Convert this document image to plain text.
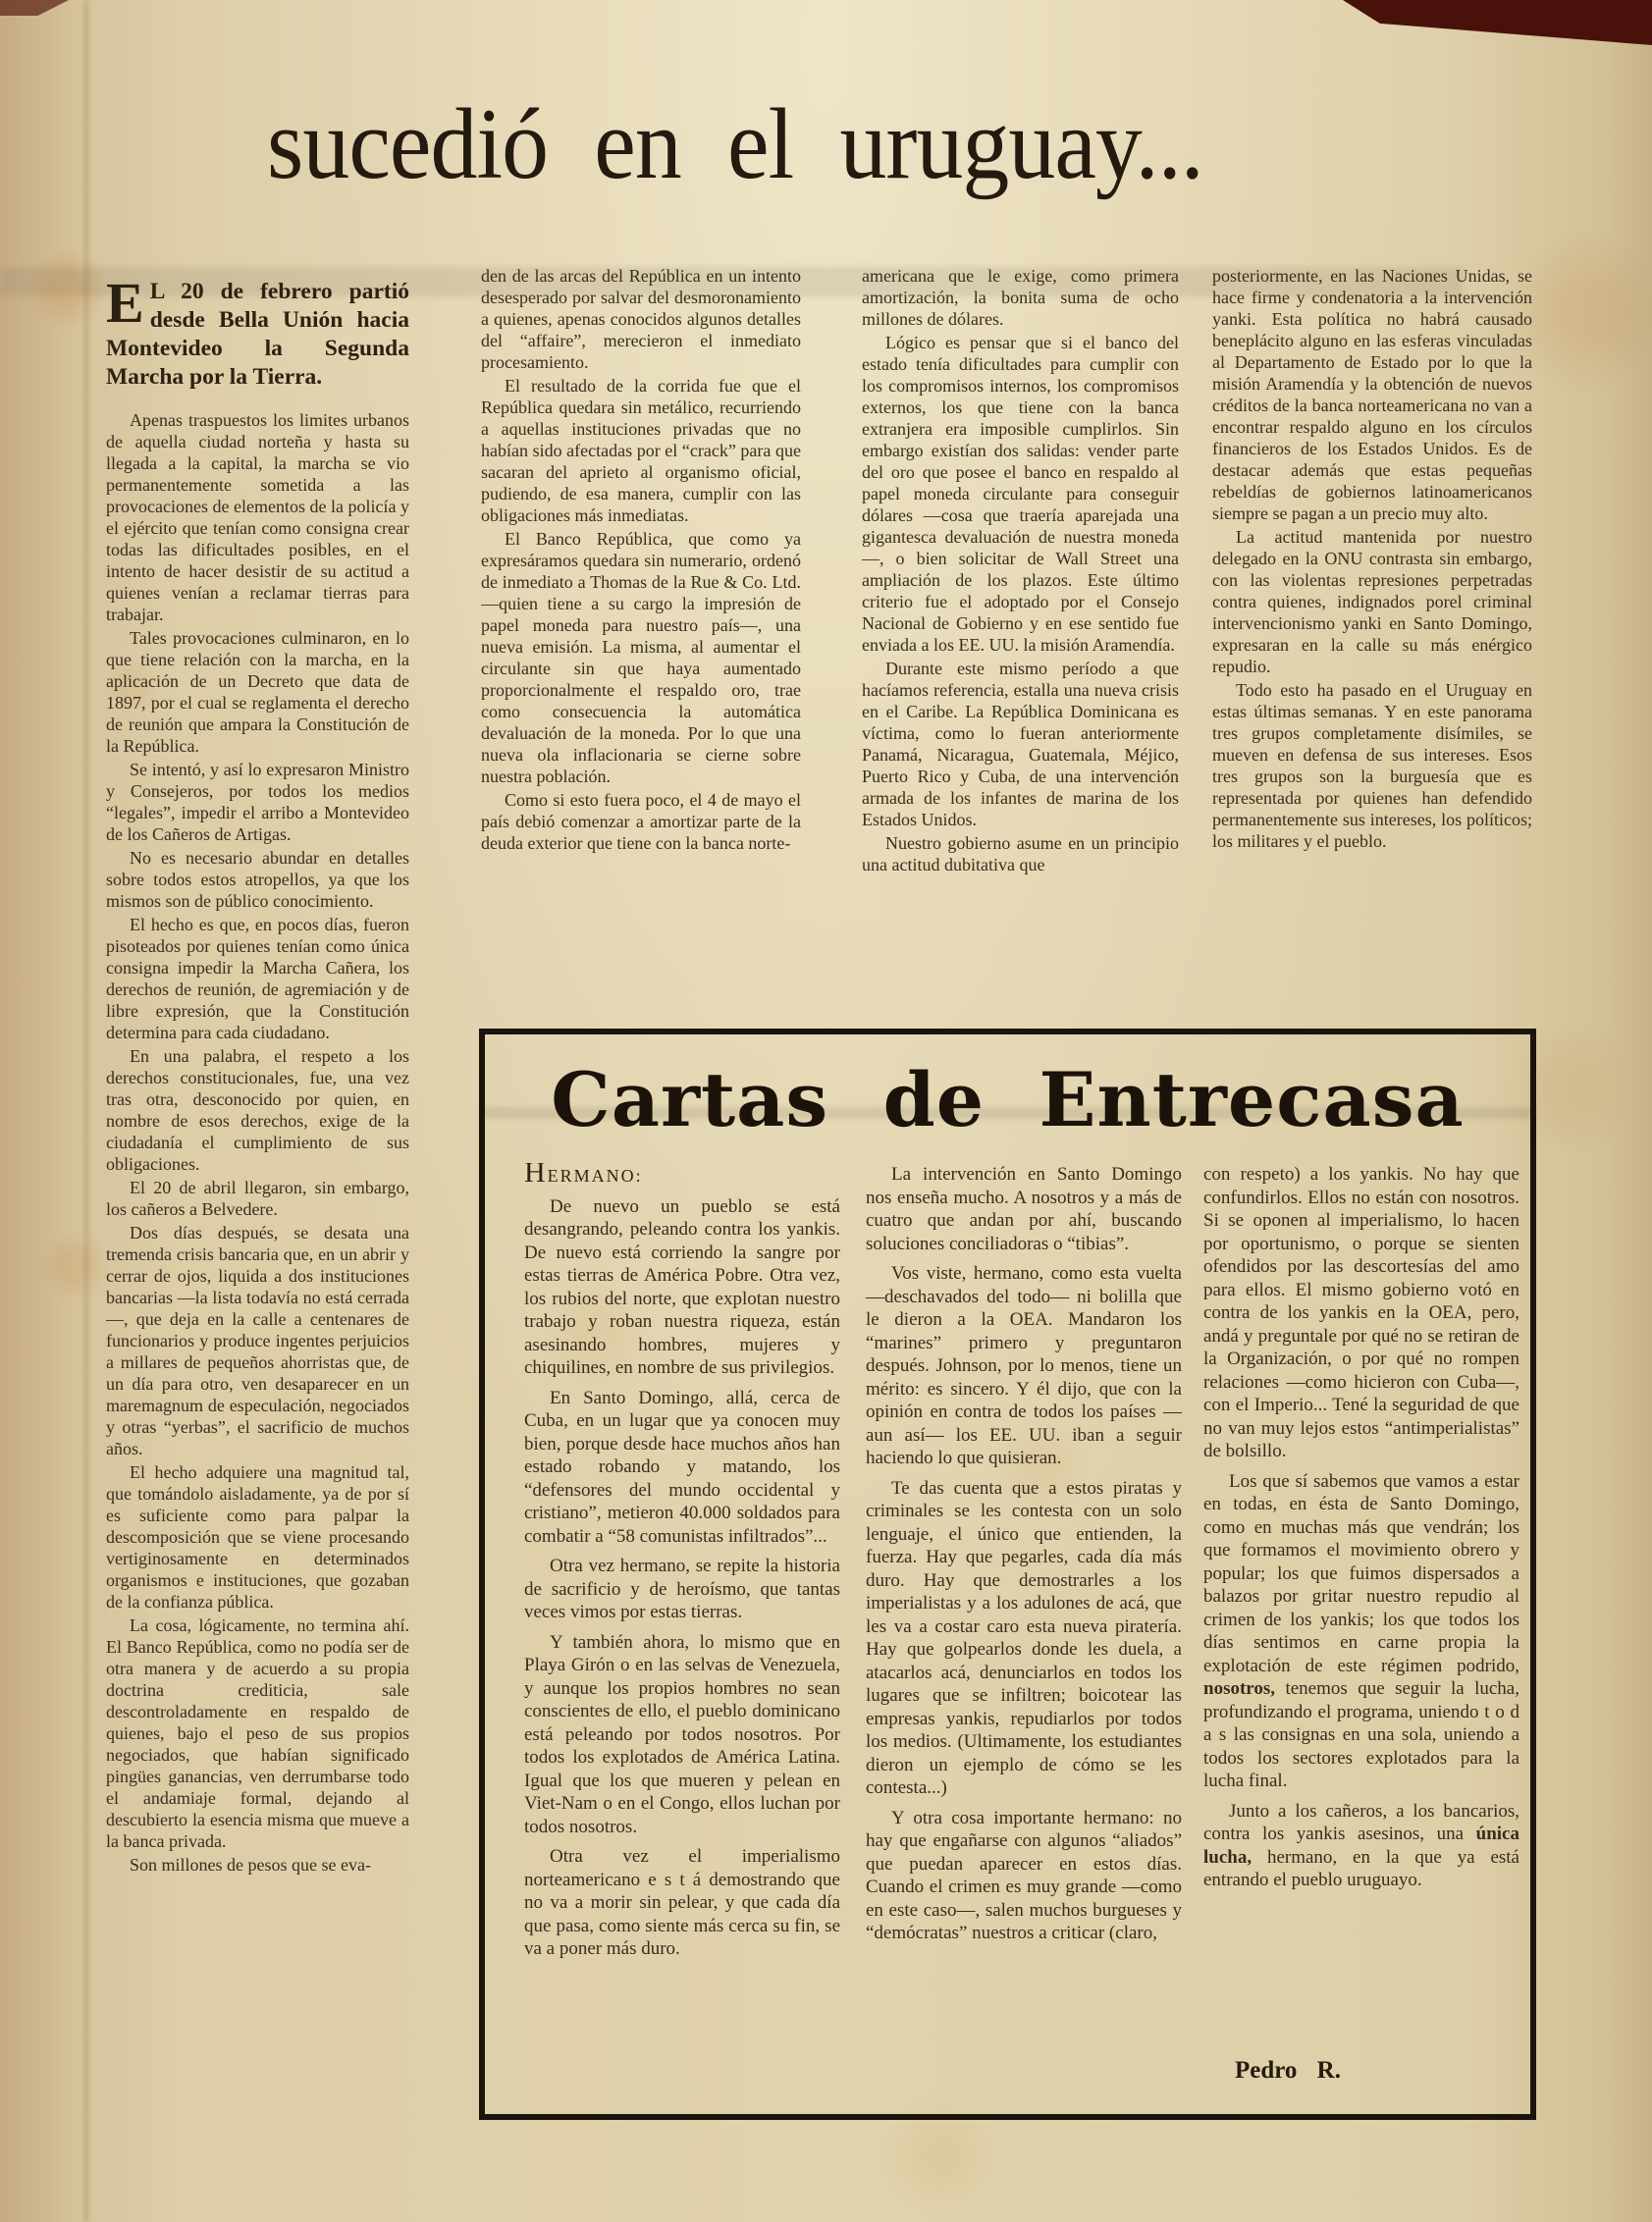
sucedió en el uruguay...

E L 20 de febrero partió desde Bella Unión hacia Montevideo la Segunda Marcha por la Tierra.

Apenas traspuestos los limites urbanos de aquella ciudad norteña y hasta su llegada a la capital, la marcha se vio permanentemente sometida a las provocaciones de elementos de la policía y el ejército que tenían como consigna crear todas las dificultades posibles, en el intento de hacer desistir de su actitud a quienes venían a reclamar tierras para trabajar.

Tales provocaciones culminaron, en lo que tiene relación con la marcha, en la aplicación de un Decreto que data de 1897, por el cual se reglamenta el derecho de reunión que ampara la Constitución de la República.

Se intentó, y así lo expresaron Ministro y Consejeros, por todos los medios “legales”, impedir el arribo a Montevideo de los Cañeros de Artigas.

No es necesario abundar en detalles sobre todos estos atropellos, ya que los mismos son de público conocimiento.

El hecho es que, en pocos días, fueron pisoteados por quienes tenían como única consigna impedir la Marcha Cañera, los derechos de reunión, de agremiación y de libre expresión, que la Constitución determina para cada ciudadano.

En una palabra, el respeto a los derechos constitucionales, fue, una vez tras otra, desconocido por quien, en nombre de esos derechos, exige de la ciudadanía el cumplimiento de sus obligaciones.

El 20 de abril llegaron, sin embargo, los cañeros a Belvedere.

Dos días después, se desata una tremenda crisis bancaria que, en un abrir y cerrar de ojos, liquida a dos instituciones bancarias —la lista todavía no está cerrada—, que deja en la calle a centenares de funcionarios y produce ingentes perjuicios a millares de pequeños ahorristas que, de un día para otro, ven desaparecer en un maremagnum de especulación, negociados y otras “yerbas”, el sacrificio de muchos años.

El hecho adquiere una magnitud tal, que tomándolo aisladamente, ya de por sí es suficiente como para palpar la descomposición que se viene procesando vertiginosamente en determinados organismos e instituciones, que gozaban de la confianza pública.

La cosa, lógicamente, no termina ahí. El Banco República, como no podía ser de otra manera y de acuerdo a su propia doctrina crediticia, sale descontroladamente en respaldo de quienes, bajo el peso de sus propios negociados, que habían significado pingües ganancias, ven derrumbarse todo el andamiaje formal, dejando al descubierto la esencia misma que mueve a la banca privada.

Son millones de pesos que se eva-

den de las arcas del República en un intento desesperado por salvar del desmoronamiento a quienes, apenas conocidos algunos detalles del “affaire”, merecieron el inmediato procesamiento.

El resultado de la corrida fue que el República quedara sin metálico, recurriendo a aquellas instituciones privadas que no habían sido afectadas por el “crack” para que sacaran del aprieto al organismo oficial, pudiendo, de esa manera, cumplir con las obligaciones más inmediatas.

El Banco República, que como ya expresáramos quedara sin numerario, ordenó de inmediato a Thomas de la Rue & Co. Ltd. —quien tiene a su cargo la impresión de papel moneda para nuestro país—, una nueva emisión. La misma, al aumentar el circulante sin que haya aumentado proporcionalmente el respaldo oro, trae como consecuencia la automática devaluación de la moneda. Por lo que una nueva ola inflacionaria se cierne sobre nuestra población.

Como si esto fuera poco, el 4 de mayo el país debió comenzar a amortizar parte de la deuda exterior que tiene con la banca norte-

americana que le exige, como primera amortización, la bonita suma de ocho millones de dólares.

Lógico es pensar que si el banco del estado tenía dificultades para cumplir con los compromisos internos, los compromisos externos, los que tiene con la banca extranjera era imposible cumplirlos. Sin embargo existían dos salidas: vender parte del oro que posee el banco en respaldo al papel moneda circulante para conseguir dólares —cosa que traería aparejada una gigantesca devaluación de nuestra moneda—, o bien solicitar de Wall Street una ampliación de los plazos. Este último criterio fue el adoptado por el Consejo Nacional de Gobierno y en ese sentido fue enviada a los EE. UU. la misión Aramendía.

Durante este mismo período a que hacíamos referencia, estalla una nueva crisis en el Caribe. La República Dominicana es víctima, como lo fueran anteriormente Panamá, Nicaragua, Guatemala, Méjico, Puerto Rico y Cuba, de una intervención armada de los infantes de marina de los Estados Unidos.

Nuestro gobierno asume en un principio una actitud dubitativa que

posteriormente, en las Naciones Unidas, se hace firme y condenatoria a la intervención yanki. Esta política no habrá causado beneplácito alguno en las esferas vinculadas al Departamento de Estado por lo que la misión Aramendía y la obtención de nuevos créditos de la banca norteamericana no van a encontrar respaldo alguno en los círculos financieros de los Estados Unidos. Es de destacar además que estas pequeñas rebeldías de gobiernos latinoamericanos siempre se pagan a un precio muy alto.

La actitud mantenida por nuestro delegado en la ONU contrasta sin embargo, con las violentas represiones perpetradas contra quienes, indignados porel criminal intervencionismo yanki en Santo Domingo, expresaran en la calle su más enérgico repudio.

Todo esto ha pasado en el Uruguay en estas últimas semanas. Y en este panorama tres grupos completamente disímiles, se mueven en defensa de sus intereses. Esos tres grupos son la burguesía que es representada por quienes han defendido permanentemente sus intereses, los políticos; los militares y el pueblo.

Cartas de Entrecasa

HERMANO:

De nuevo un pueblo se está desangrando, peleando contra los yankis. De nuevo está corriendo la sangre por estas tierras de América Pobre. Otra vez, los rubios del norte, que explotan nuestro trabajo y roban nuestra riqueza, están asesinando hombres, mujeres y chiquilines, en nombre de sus privilegios.

En Santo Domingo, allá, cerca de Cuba, en un lugar que ya conocen muy bien, porque desde hace muchos años han estado robando y matando, los “defensores del mundo occidental y cristiano”, metieron 40.000 soldados para combatir a “58 comunistas infiltrados”...

Otra vez hermano, se repite la historia de sacrificio y de heroísmo, que tantas veces vimos por estas tierras.

Y también ahora, lo mismo que en Playa Girón o en las selvas de Venezuela, y aunque los propios hombres no sean conscientes de ello, el pueblo dominicano está peleando por todos nosotros. Por todos los explotados de América Latina. Igual que los que mueren y pelean en Viet-Nam o en el Congo, ellos luchan por todos nosotros.

Otra vez el imperialismo norteamericano e s t á demostrando que no va a morir sin pelear, y que cada día que pasa, como siente más cerca su fin, se va a poner más duro.

La intervención en Santo Domingo nos enseña mucho. A nosotros y a más de cuatro que andan por ahí, buscando soluciones conciliadoras o “tibias”.

Vos viste, hermano, como esta vuelta —deschavados del todo— ni bolilla que le dieron a la OEA. Mandaron los “marines” primero y preguntaron después. Johnson, por lo menos, tiene un mérito: es sincero. Y él dijo, que con la opinión en contra de todos los países —aun así— los EE. UU. iban a seguir haciendo lo que quisieran.

Te das cuenta que a estos piratas y criminales se les contesta con un solo lenguaje, el único que entienden, la fuerza. Hay que pegarles, cada día más duro. Hay que demostrarles a los imperialistas y a los adulones de acá, que les va a costar caro esta nueva piratería. Hay que golpearlos donde les duela, a atacarlos acá, denunciarlos en todos los lugares que se infiltren; boicotear las empresas yankis, repudiarlos por todos los medios. (Ultimamente, los estudiantes dieron un ejemplo de cómo se les contesta...)

Y otra cosa importante hermano: no hay que engañarse con algunos “aliados” que puedan aparecer en estos días. Cuando el crimen es muy grande —como en este caso—, salen muchos burgueses y “demócratas” nuestros a criticar (claro,

con respeto) a los yankis. No hay que confundirlos. Ellos no están con nosotros. Si se oponen al imperialismo, lo hacen por oportunismo, o porque se sienten ofendidos por las descortesías del amo para ellos. El mismo gobierno votó en contra de los yankis en la OEA, pero, andá y preguntale por qué no se retiran de la Organización, o por qué no rompen relaciones —como hicieron con Cuba—, con el Imperio... Tené la seguridad de que no van muy lejos estos “antimperialistas” de bolsillo.

Los que sí sabemos que vamos a estar en todas, en ésta de Santo Domingo, como en muchas más que vendrán; los que formamos el movimiento obrero y popular; los que fuimos dispersados a balazos por gritar nuestro repudio al crimen de los yankis; los que todos los días sentimos en carne propia la explotación de este régimen podrido, nosotros, tenemos que seguir la lucha, profundizando el programa, uniendo t o d a s las consignas en una sola, uniendo a todos los sectores explotados para la lucha final.

Junto a los cañeros, a los bancarios, contra los yankis asesinos, una única lucha, hermano, en la que ya está entrando el pueblo uruguayo.

Pedro R.
